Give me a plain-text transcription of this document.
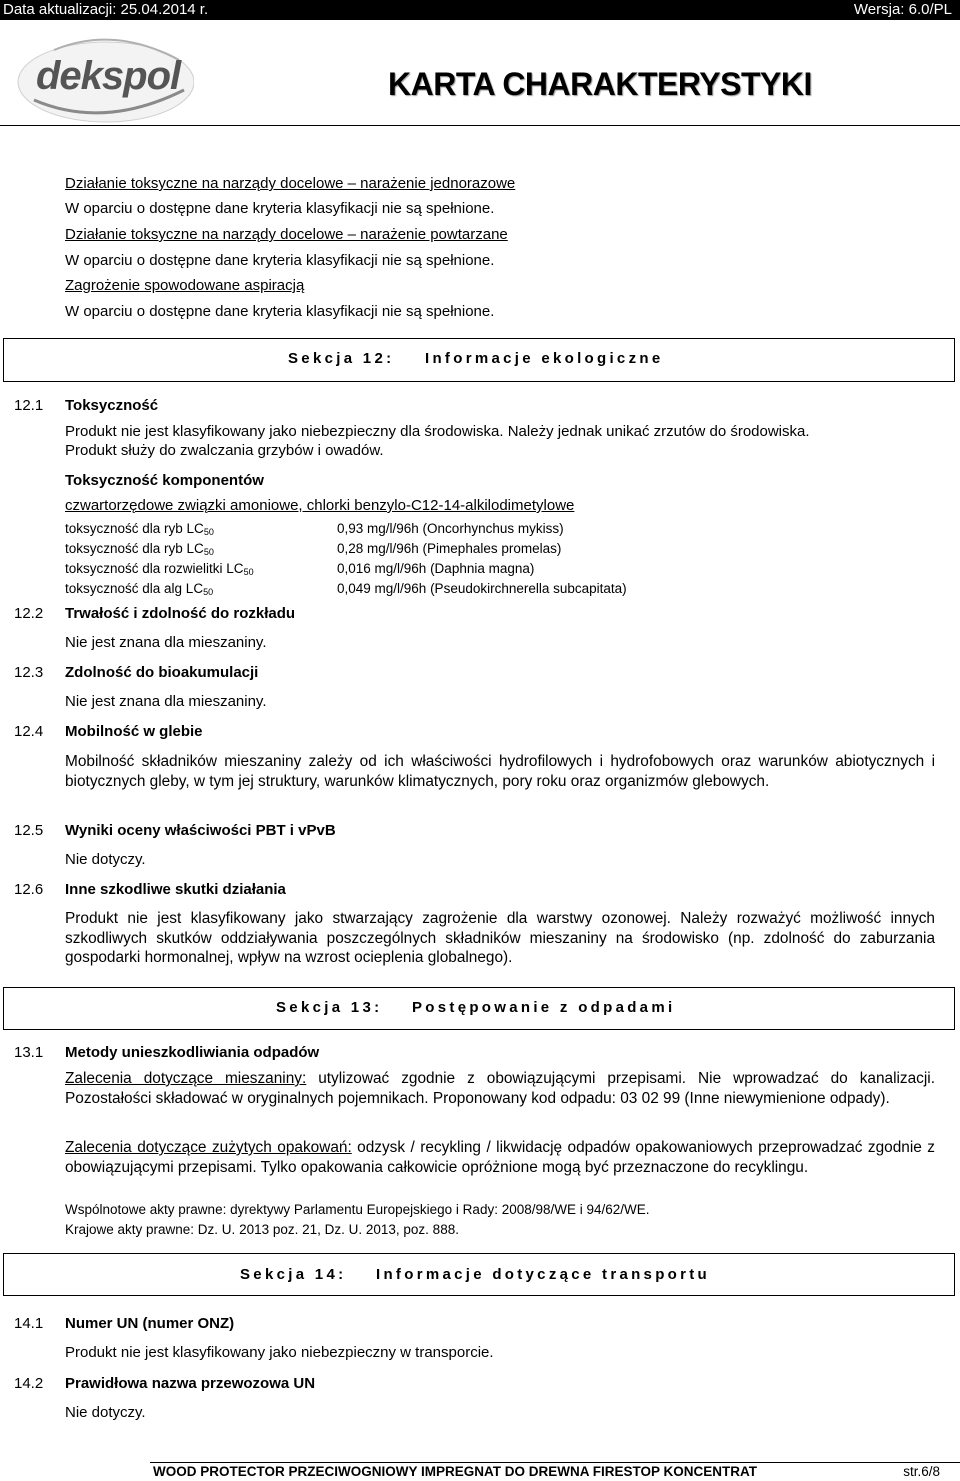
Data aktualizacji: 25.04.2014 r.	Wersja: 6.0/PL
dekspol	KARTA CHARAKTERYSTYKI
Działanie toksyczne na narządy docelowe – narażenie jednorazowe
W oparciu o dostępne dane kryteria klasyfikacji nie są spełnione.
Działanie toksyczne na narządy docelowe – narażenie powtarzane
W oparciu o dostępne dane kryteria klasyfikacji nie są spełnione.
Zagrożenie spowodowane aspiracją
W oparciu o dostępne dane kryteria klasyfikacji nie są spełnione.
Sekcja 12: Informacje ekologiczne
12.1 Toksyczność
Produkt nie jest klasyfikowany jako niebezpieczny dla środowiska. Należy jednak unikać zrzutów do środowiska.
Produkt służy do zwalczania grzybów i owadów.
Toksyczność komponentów
czwartorzędowe związki amoniowe, chlorki benzylo-C12-14-alkilodimetylowe
toksyczność dla ryb $LC_{50}$	0,93 mg/l/96h (Oncorhynchus mykiss)
toksyczność dla ryb $LC_{50}$	0,28 mg/l/96h (Pimephales promelas)
toksyczność dla rozwielitki $LC_{50}$	0,016 mg/l/96h (Daphnia magna)
toksyczność dla alg $LC_{50}$	0,049 mg/l/96h (Pseudokirchnerella subcapitata)
12.2 Trwałość i zdolność do rozkładu
Nie jest znana dla mieszaniny.
12.3 Zdolność do bioakumulacji
Nie jest znana dla mieszaniny.
12.4 Mobilność w glebie
Mobilność składników mieszaniny zależy od ich właściwości hydrofilowych i hydrofobowych oraz warunków abiotycznych i biotycznych gleby, w tym jej struktury, warunków klimatycznych, pory roku oraz organizmów glebowych.
12.5 Wyniki oceny właściwości PBT i vPvB
Nie dotyczy.
12.6 Inne szkodliwe skutki działania
Produkt nie jest klasyfikowany jako stwarzający zagrożenie dla warstwy ozonowej. Należy rozważyć możliwość innych szkodliwych skutków oddziaływania poszczególnych składników mieszaniny na środowisko (np. zdolność do zaburzania gospodarki hormonalnej, wpływ na wzrost ocieplenia globalnego).
Sekcja 13: Postępowanie z odpadami
13.1 Metody unieszkodliwiania odpadów
Zalecenia dotyczące mieszaniny: utylizować zgodnie z obowiązującymi przepisami. Nie wprowadzać do kanalizacji. Pozostałości składować w oryginalnych pojemnikach. Proponowany kod odpadu: 03 02 99 (Inne niewymienione odpady).
Zalecenia dotyczące zużytych opakowań: odzysk / recykling / likwidację odpadów opakowaniowych przeprowadzać zgodnie z obowiązującymi przepisami. Tylko opakowania całkowicie opróżnione mogą być przeznaczone do recyklingu.
Wspólnotowe akty prawne: dyrektywy Parlamentu Europejskiego i Rady: 2008/98/WE i 94/62/WE.
Krajowe akty prawne: Dz. U. 2013 poz. 21, Dz. U. 2013, poz. 888.
Sekcja 14: Informacje dotyczące transportu
14.1 Numer UN (numer ONZ)
Produkt nie jest klasyfikowany jako niebezpieczny w transporcie.
14.2 Prawidłowa nazwa przewozowa UN
Nie dotyczy.
WOOD PROTECTOR PRZECIWOGNIOWY IMPREGNAT DO DREWNA FIRESTOP KONCENTRAT	str.6/8
